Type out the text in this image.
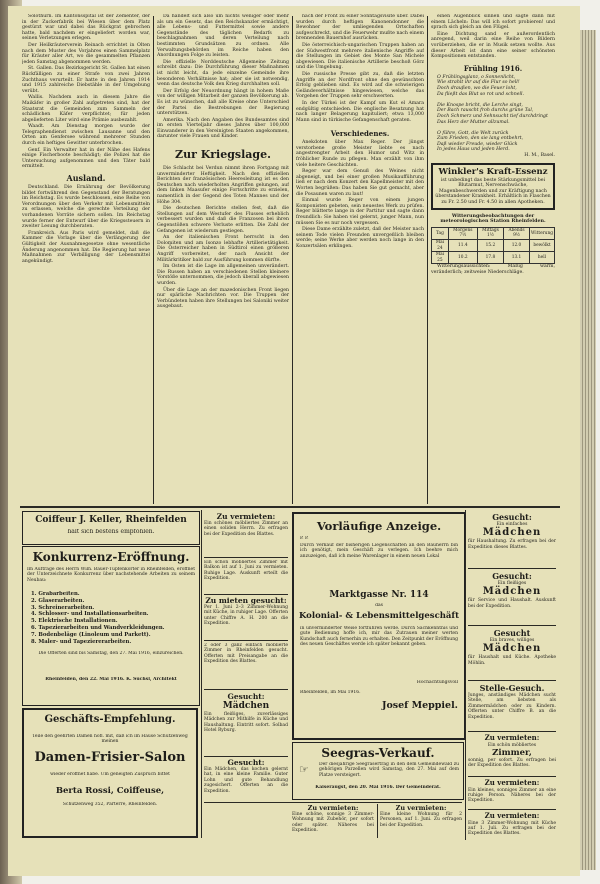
Solothurn. Im Kantonsspital ist der Zementer, der in der Zuckerfabrik bei Wiesen über dem Platz gestürzt war und dabei das Rückgrat gebrochen hatte, bald nachdem er eingeliefert worden war, seinen Verletzungen erlegen.

Der Heilkräuterverein Reinach errichtet in Olten nach dem Muster des Vorjahres einen Sammelplatz für Kräuter aller Art, wo die gesammelten Pflanzen jeden Samstag abgenommen werden.

St. Gallen. Das Bezirksgericht St. Gallen hat einen Rückfälligen zu einer Strafe von zwei Jahren Zuchthaus verurteilt. Er hatte in den Jahren 1914 und 1915 zahlreiche Diebstähle in der Umgebung verübt.

Wallis. Nachdem auch in diesem Jahre die Maikäfer in großer Zahl aufgetreten sind, hat der Staatsrat die Gemeinden zum Sammeln der schädlichen Käfer verpflichtet; für jeden abgelieferten Liter wird eine Prämie ausbezahlt.

Waadt. Am Dienstag morgen wurde der Telegraphendienst zwischen Lausanne und den Orten am Genfersee während mehrerer Stunden durch ein heftiges Gewitter unterbrochen.

Genf. Ein Verwalter hat in der Nähe des Hafens einige Fischerboote beschädigt; die Polizei hat die Untersuchung aufgenommen und den Täter bald ermittelt.

Ausland.

Deutschland. Die Ernährung der Bevölkerung bildet fortwährend den Gegenstand der Beratungen im Reichstag. Es wurde beschlossen, eine Reihe von Verordnungen über den Verkehr mit Lebensmitteln zu erlassen, welche die gerechte Verteilung der vorhandenen Vorräte sichern sollen. Im Reichstag wurde ferner der Entwurf über die Kriegssteuern in zweiter Lesung durchberaten.

Frankreich. Aus Paris wird gemeldet, daß die Kammer die Vorlage über die Verlängerung der Gültigkeit der Ausnahmegesetze ohne wesentliche Änderung angenommen hat. Die Regierung hat neue Maßnahmen zur Verbilligung der Lebensmittel angekündigt.

Da handelt sich also um nichts weniger oder mehr als um ein Gesetz, das den Reichskanzler ermächtigt, alle Lebens- und Futtermittel sowie andere Gegenstände des täglichen Bedarfs zu beschlagnahmen und deren Verteilung nach bestimmten Grundsätzen zu ordnen. Alle Verwaltungsbehörden im Reiche haben den Anordnungen Folge zu leisten.

Die offizielle Norddeutsche Allgemeine Zeitung schreibt dazu: Die Durchführung dieser Maßnahmen ist nicht leicht, da jede einzelne Gemeinde ihre besonderen Verhältnisse hat; aber sie ist notwendig, wenn das deutsche Volk den Krieg durchhalten soll.

Der Erfolg der Neuordnung hängt in hohem Maße von der willigen Mitarbeit der ganzen Bevölkerung ab. Es ist zu wünschen, daß alle Kreise ohne Unterschied der Partei die Bestrebungen der Regierung unterstützen.

Amerika. Nach den Angaben des Bundesamtes sind im ersten Vierteljahr dieses Jahres über 100,000 Einwanderer in den Vereinigten Staaten angekommen, darunter viele Frauen und Kinder.

Zur Kriegslage.

Die Schlacht bei Verdun nimmt ihren Fortgang mit unverminderter Heftigkeit. Nach den offiziellen Berichten der französischen Heeresleitung ist es den Deutschen nach wiederholten Angriffen gelungen, auf dem linken Maasufer einige Fortschritte zu erzielen, namentlich in der Gegend des Toten Mannes und der Höhe 304.

Die deutschen Berichte stellen fest, daß die Stellungen auf dem Westufer des Flusses erheblich verbessert wurden und daß die Franzosen bei ihren Gegenstößen schwere Verluste erlitten. Die Zahl der Gefangenen ist wiederum gestiegen.

An der italienischen Front herrscht in den Dolomiten und am Isonzo lebhafte Artillerietätigkeit. Die Österreicher haben in Südtirol einen größeren Angriff vorbereitet, der nach Ansicht der Militärkritiker bald zur Ausführung kommen dürfte.

Im Osten ist die Lage im allgemeinen unverändert. Die Russen haben an verschiedenen Stellen kleinere Vorstöße unternommen, die jedoch überall abgewiesen wurden.

Über die Lage an der mazedonischen Front liegen nur spärliche Nachrichten vor. Die Truppen der Verbündeten haben ihre Stellungen bei Saloniki weiter ausgebaut.

nach der Front zu einer Sonntagsvisite über. Dabei wurden durch heftigen Kanonendonner die Bewohner der umliegenden Ortschaften aufgeschreckt, und die Feuerwehr mußte nach einem brennenden Bauernhof ausrücken.

Die österreichisch-ungarischen Truppen haben an der Südwestfront mehrere italienische Angriffe auf die Stellungen im Gebiet des Monte San Michele abgewiesen. Die italienische Artillerie beschoß Görz und die Umgebung.

Die russische Presse gibt zu, daß die letzten Angriffe an der Nordfront ohne den gewünschten Erfolg geblieben sind. Es wird auf die schwierigen Geländeverhältnisse hingewiesen, welche das Vorgehen der Truppen sehr erschwerten.

In der Türkei ist der Kampf um Kut el Amara endgültig entschieden. Die englische Besatzung hat nach langer Belagerung kapituliert; etwa 13,000 Mann sind in türkische Gefangenschaft geraten.

Verschiedenes.

Anekdoten über Max Reger. Der jüngst verstorbene große Meister liebte es nach angestrengter Arbeit den Humor und Witz in fröhlicher Runde zu pflegen. Man erzählt von ihm viele heitere Geschichten.

Reger war dem Genuß des Weines nicht abgeneigt, und bei einer großen Musikaufführung ließ er nach dem Konzert den Kapellmeister mit den Worten begrüßen: Das haben Sie gut gemacht, aber die Posaunen waren zu laut!

Einmal wurde Reger von einem jungen Komponisten gebeten, sein neuestes Werk zu prüfen. Reger blätterte lange in der Partitur und sagte dann freundlich: Sie haben viel gelernt, junger Mann, nun müssen Sie es nur noch vergessen.

Diese Dame erzählte zuletzt, daß der Meister nach seinem Tode vielen Freunden unvergeßlich bleiben werde; seine Werke aber werden noch lange in den Konzertsälen erklingen.

einen Augenblick sinnen und sagte dann mit einem Lächeln: Das will ich sofort probieren! und sprach sich gleich an den Flügel.

Eine Dichtung sand er außerordentlich anregend, weil darin eine Reihe von Bildern vorüberziehen, die er in Musik setzen wollte. Aus dieser Arbeit ist dann eine seiner schönsten Kompositionen entstanden.

Frühling 1916.
O Frühlingsglanz, o Sonnenlicht,
Wie strahlt ihr auf die Flur so hell!
Doch draußen, wo die Feuer loht,
Da fließt das Blut so rot und schnell.

Die Knospe bricht, die Lerche singt,
Der Bach rauscht froh durchs grüne Tal,
Doch Schmerz und Sehnsucht tief durchdringt
Das Herz der Mutter allzumal.

O führe, Gott, die Welt zurück
Zum Frieden, den sie lang entbehrt,
Daß wieder Freude, wieder Glück
In jedes Haus und jeden Herd.
H. M., Basel.
Winkler's Kraft-Essenz
ist unbedingt das beste Stärkungsmittel bei Blutarmut, Nervenschwäche, Magenbeschwerden und zur Kräftigung nach überstandener Krankheit. Erhältlich in Flaschen zu Fr. 2.50 und Fr. 4.50 in allen Apotheken.
Witterungsbeobachtungen der meteorologischen Station Rheinfelden.
Tag	Morgens 7½	Mittags 1½	Abends 9½	Witterung
Mai 24	11.4	15.2	12.0	bewölkt
Mai 25	10.2	17.8	13.1	hell

Witterungsaussichten: Mäßig warm, veränderlich; zeitweise Niederschläge.

Coiffeur J. Keller, Rheinfelden
hält sich bestens empfohlen.
Konkurrenz-Eröffnung.
Im Auftrage des Herrn Wilh. Bauer-Tüpfenkorter in Rheinfelden, eröffnet der Unterzeichnete Konkurrenz über nachstehende Arbeiten zu seinem Neubau:
1. Grabarbeiten.
2. Glaserarbeiten.
3. Schreinerarbeiten.
4. Schlosser- und Installationsarbeiten.
5. Elektrische Installationen.
6. Tapezierarbeiten und Wandverkleidungen.
7. Bodenbeläge (Linoleum und Parkett).
8. Maler- und Tapeziererarbeiten.
Die Offerten sind bis Samstag, den 27. Mai 1916, einzureichen.
Rheinfelden, den 22. Mai 1916. K. Suchsl, Architekt
Geschäfts-Empfehlung.
Teile den geehrten Damen höfl. mit, daß ich im Hause Schützenweg meinen
Damen-Frisier-Salon
wieder eröffnet habe. Um geneigten Zuspruch bittet
Berta Rossi, Coiffeuse,
Schützenweg 352, Parterre, Rheinfelden.
Zu vermieten:
Ein schönes möbliertes Zimmer an einen soliden Herrn. Zu erfragen bei der Expedition des Blattes.
Ein schön möbliertes Zimmer mit Balkon ist auf 1. Juni zu vermieten. Ruhige Lage. Auskunft erteilt die Expedition.
Zu mieten gesucht:
Per 1. Juni 2–3 Zimmer-Wohnung mit Küche, in ruhiger Lage. Offerten unter Chiffre A. H. 200 an die Expedition.
2 oder 3 ganz einfach möblierte Zimmer in Rheinfelden gesucht. Offerten mit Preisangabe an die Expedition des Blattes.
Gesucht:
Mädchen
Ein fleißiges, zuverlässiges Mädchen zur Mithilfe in Küche und Haushaltung. Eintritt sofort. Solbad Hotel Ryburg.
Gesucht:
Ein Mädchen, das kochen gelernt hat, in eine kleine Familie. Guter Lohn und gute Behandlung zugesichert. Offerten an die Expedition.
Vorläufige Anzeige.
P. P.
Durch Verkauf der bisherigen Liegenschaften an den Bauherrn bin ich genötigt, mein Geschäft zu verlegen. Ich beehre mich anzuzeigen, daß ich meine Warenlager in einem neuen Lokal
Marktgasse Nr. 114
das
Kolonial- & Lebensmittelgeschäft
in unverminderter Weise fortführen werde. Durch Sachkenntnis und gute Bedienung hoffe ich, mir das Zutrauen meiner werten Kundschaft auch fernerhin zu erhalten. Den Zeitpunkt der Eröffnung des neuen Geschäftes werde ich später bekannt geben.
Hochachtungsvoll
Rheinfelden, im Mai 1916.
Josef Meppiel.
Seegras-Verkauf.
Der diesjährige Seegrasertrag in den dem Gemeindewald zu gehörigen Parzellen wird Samstag, den 27. Mai auf dem Platze versteigert.
☞
Kaiseraugst, den 20. Mai 1916. Der Gemeinderat.
Zu vermieten:
Eine schöne, sonnige 3 Zimmer-Wohnung mit Zubehör, per sofort oder später. Näheres bei Expedition.
Zu vermieten:
Eine kleine Wohnung für 2 Personen, auf 1. Juni. Zu erfragen bei der Expedition.
Gesucht:
Ein einfaches
Mädchen
für Haushaltung. Zu erfragen bei der Expedition dieses Blattes.
Gesucht:
Ein fleißiges
Mädchen
für Service und Haushalt. Auskunft bei der Expedition.
Gesucht
Ein braves, williges
Mädchen
für Haushalt und Küche. Apotheke Möhlin.
Stelle-Gesuch.
Junges, anständiges Mädchen sucht Stelle, am liebsten als Zimmermädchen oder zu Kindern. Offerten unter Chiffre B. an die Expedition.
Zu vermieten:
Ein schön möbliertes
Zimmer,
sonnig, per sofort. Zu erfragen bei der Expedition des Blattes.
Zu vermieten:
Ein kleines, sonniges Zimmer an eine ruhige Person. Näheres bei der Expedition.
Zu vermieten:
Eine 3 Zimmer-Wohnung mit Küche auf 1. Juli. Zu erfragen bei der Expedition des Blattes.
